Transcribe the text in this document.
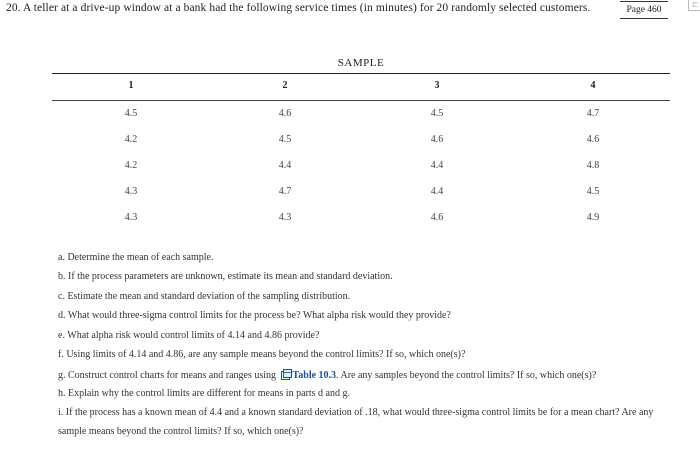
20. A teller at a drive-up window at a bank had the following service times (in minutes) for 20 randomly selected customers.	Page 460	⊏
SAMPLE
1	2	3	4
4.5	4.6	4.5	4.7
4.2	4.5	4.6	4.6
4.2	4.4	4.4	4.8
4.3	4.7	4.4	4.5
4.3	4.3	4.6	4.9
a. Determine the mean of each sample.
b. If the process parameters are unknown, estimate its mean and standard deviation.
c. Estimate the mean and standard deviation of the sampling distribution.
d. What would three-sigma control limits for the process be? What alpha risk would they provide?
e. What alpha risk would control limits of 4.14 and 4.86 provide?
f. Using limits of 4.14 and 4.86, are any sample means beyond the control limits? If so, which one(s)?
g. Construct control charts for means and ranges using Table 10.3. Are any samples beyond the control limits? If so, which one(s)?
h. Explain why the control limits are different for means in parts d and g.
i. If the process has a known mean of 4.4 and a known standard deviation of .18, what would three-sigma control limits be for a mean chart? Are any sample means beyond the control limits? If so, which one(s)?
